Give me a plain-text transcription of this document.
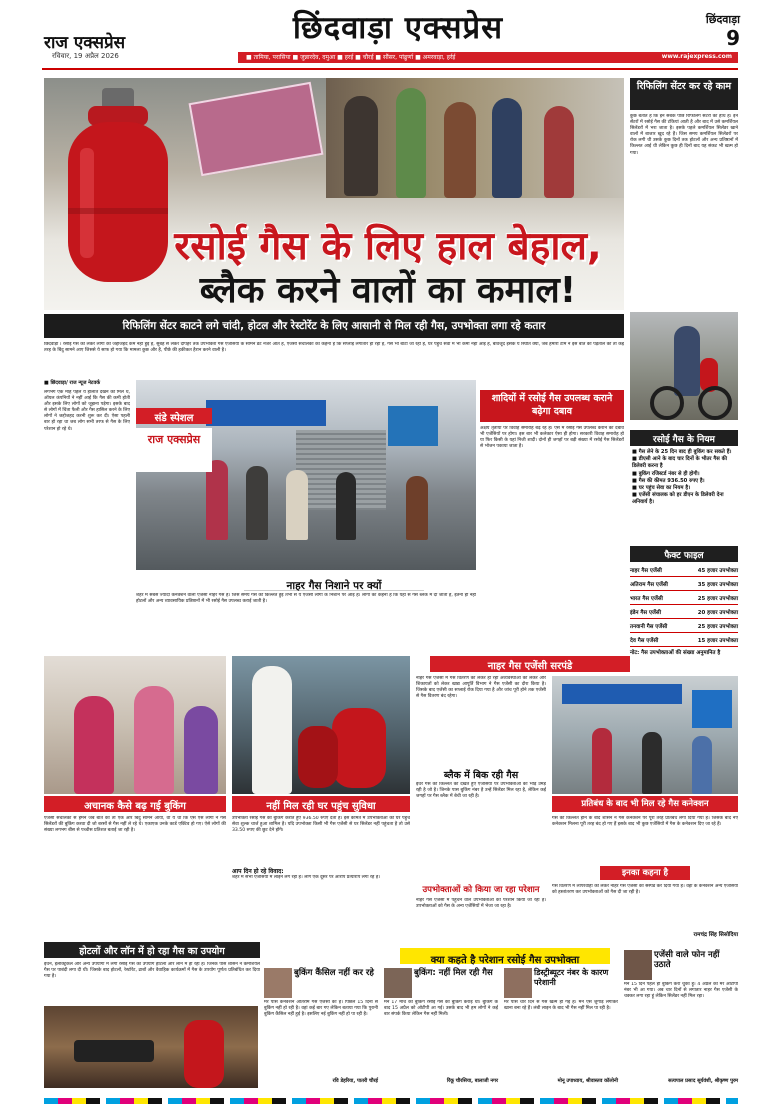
राज एक्सप्रेस
रविवार, 19 अप्रैल 2026
छिंदवाड़ा एक्सप्रेस	छिंदवाड़ा
9
■ तामिया, परासिया ■ जुन्नारदेव, दमुआ ■ हरई ■ चौरई ■ सौंसर, पांढुर्णा ■ अमरवाड़ा, हर्रई	www.rajexpress.com
रसोई गैस के लिए हाल बेहाल,
ब्लैक करने वालों का कमाल!
रिफिलिंग सेंटर काटने लगे चांदी, होटल और रेस्टोरेंट के लिए आसानी से मिल रही गैस, उपभोक्ता लगा रहे कतार
छिंदवाड़ा । रसोई गैस को लेकर लोगों की जद्दोजहद कम नहीं हुई है, सुबह से लेकर दोपहर तक उपभोक्ता गैस एजेंसियों के सामने डटे नजर आते हैं, एजेंसी संचालकों का कहना है कि सप्लाई लगातार हो रही है, गैस भी बांटी जा रही है, घर पहुंच सेवा में भी कमी नहीं आई है, बावजूद इसके ये स्थिति क्यों, जब हमारी टीम ने इस बात की पड़ताल की तो कई तरह के बिंदु सामने आए जिससे ये साफ हो गया कि मामला कुछ और है, पीछे की हकीकत हैरान करने वाली है।
रिफिलिंग सेंटर कर रहे काम
कुछ बताते है कि इन सबके पीछे रिफिलिंग सेंटरों का हाथ है। इन सेंटरों में रसोई गैस की टंकियां आती है और बाद में उसे कमर्शियल सिलेंडरों में भरा जाता है। इसके पहले कमर्शियल सिलेंडर खाने वालों में बाजार खुद रहे हैं। जिस समय कमर्शियल सिलेंडरों पर रोक लगी थी उसके कुछ दिनों तक होटलों और अन्य प्रतिष्ठानों में किल्लत आई थी लेकिन कुछ ही दिनों बाद यह संकट भी खत्म हो गया।
रसोई गैस के नियम
■ गैस लेने के 25 दिन बाद ही बुकिंग कर सकते हैं।
■ डीएसी आने के बाद चार दिनों के भीतर गैस की डिलेवरी करना है
■ बुकिंग रजिस्टर्ड नंबर से ही होगी।
■ गैस की कीमत 936.50 रुपए है।
■ घर पहुंच सेवा का नियम है।
■ एजेंसी संचालक को हर डीएन के डिलेवरी देना अनिवार्य है।
फैक्ट फाइल
नाहर गैस एजेंसी	45 हजार उपभोक्ता
अतिराम गैस एजेंसी	35 हजार उपभोक्ता
भारत गैस एजेंसी	25 हजार उपभोक्ता
इंडेन गैस एजेंसी	20 हजार उपभोक्ता
तनवानी गैस एजेंसी	25 हजार उपभोक्ता
देव गैस एजेंसी	15 हजार उपभोक्ता
नोट: गैस उपभोक्ताओं की संख्या अनुमानित है
■ छिंदवाड़ा/ राज न्यूज नेटवर्क
लगभग एक माह पहले ये हालात देखने को मिले थे, ऑयल कंपनियों ने नहीं आई कि गैस की कमी होती और इसके लिए लोगों को जूझना पड़ेगा। इसके बाद से लोगों में चिंता फैली और गैस हासिल करने के लिए लोगों ने जद्दोजहद करनी शुरू कर दी। ऐसा पहली बार हो रहा था जब लोग सभी तरफ से गैस के लिए परेशान हो रहे थे।
संडे स्पेशल
राज एक्सप्रेस
शादियों में रसोई गैस उपलब्ध कराने बढ़ेगा दबाव
अक्षय तृतीया पर विवाह समारोह बढ़ रहे हैं। ऐसे में रसोई गैस उपलब्ध कराने का दबाव भी एजेंसियों पर होगा। इस बार भी कलेक्टर ऐसा ही होगा। सरकारी विवाह समारोह हो या फिर किसी के यहां निजी शादी। दोनों ही जगहों पर बड़ी संख्या में रसोई गैस सिलेंडरों से भोजन पकाया जाता है।
नाहर गैस निशाने पर क्यों
शहर में सबसे ज्यादा कनेक्शन वाली एजेंसी नाहर गैस है। जिस समय गैस की किल्लत हुई तभी से ये एजेंसी लोगों के निशाने पर आई है। लोगों का कहना है कि यहां से गैस ब्लैक में दी जाती है, इतना ही नहीं होटलों और अन्य व्यावसायिक प्रतिष्ठानों में भी रसोई गैस उपलब्ध कराई जाती है।
नाहर गैस एजेंसी सरपंडे
नाहर गैस एजेंसी में गैस वितरण को लेकर हो रही अव्यवस्थाओं को लेकर और शिकायतों को लेकर खाद्य आपूर्ति विभाग ने गैस एजेंसी का दौरा किया है। जिसके बाद एजेंसी का सप्लाई रोक दिया गया है और जांच पूरी होने तक एजेंसी से गैस वितरण बंद रहेगा।
ब्लैक में बिक रही गैस
इधर गैस की किल्लत को देखते हुए एजेंसियों पर उपभोक्ताओं की भीड़ उमड़ रही है जो है। जिनके पास बुकिंग नंबर है उन्हें सिलेंडर मिल रहा है, लेकिन कई जगहों पर गैस ब्लैक में बेची जा रही है।
उपभोक्ताओं को किया जा रहा परेशान
नाहर गैस एजेंसी में पहुंचने वाले उपभोक्ताओं को परेशान किया जा रहा है। उपभोक्ताओं को गैस के अन्य एजेंसियों में भेजा जा रहा है।
अचानक कैसे बढ़ गई बुकिंग
एजेंसी संचालकों से हमने जब बात की तो एक और बिंदु सामने आया, वो ये था कि ऐसे ऐसे लोगों ने गैस सिलेंडरों की बुकिंग करवा दी जो बरसों से गैस नहीं ले रहे थे। एकाएक उनके कार्ड एक्टिव हो गए। ऐसे लोगों की संख्या लगभग बीस से पच्चीस प्रतिशत बताई जा रही है।
नहीं मिल रही घर पहुंच सुविधा
उपभोक्ता रसोई गैस की बुकिंग कराते हुए 936.50 रुपए देता है। इस कीमत में उपभोक्ताओं को घर पहुंच सेवा शुल्क चार्ज हुआ शामिल है। यदि उपभोक्ता किसी भी गैस एजेंसी से घर सिलेंडर नहीं पहुंचता है तो उसे 33.50 रुपए की छूट देने होंगे।
आप दिन हो रहे विवाद:
शहर में सभी एजेंसियों में लाइनें लग रही हैं। लोग एक दूसरे पर आरोप प्रत्यारोप लगा रहे हैं।
प्रतिबंध के बाद भी मिल रहे गैस कनेक्शन
गैस की किल्लत होने के बाद शासन ने गैस कनेक्शन पर पूरी तरह प्रतिबंध लगा दिया गया है। जिसके बाद नए कनेक्शन मिलना पूरी तरह बंद हो गए हैं इसके बाद भी कुछ एजेंसियों में गैस के कनेक्शन दिए जा रहे हैं।
इनका कहना है
गैस वितरण में लापरवाही को लेकर नाहर गैस एजेंसी को सस्पेंड कर दिया गया है। वहां के कनेक्शन अन्य एजेंसियों को हस्तांतरण कर उपभोक्ताओं को गैस दी जा रही है।
रामचंद्र सिंह सिसोदिया
होटलों और लॉन में हो रहा गैस का उपयोग
ईंधन, इलेक्ट्रिकल और अन्य उपयोगों में लगी रसोई गैस का उपयोग होटलों और लॉन में हो रहा है। जिनके पास शासन ने कमर्शियल गैस पर पाबंदी लगा दी थी। जिसके बाद होटलों, रेस्टोरेंट, ढाबों और वैवाहिक कार्यक्रमों में गैस के उपयोग पूर्णतः प्रतिबंधित कर दिया गया है।
क्या कहते है परेशान रसोई गैस उपभोक्ता
बुकिंग कैंसिल नहीं कर रहे
मेरे पास कनेक्शन अतिराम गैस एजेंसी का है। पिछले 15 दिनों से बुकिंग नहीं हो रही है। वहां कई बार गए लेकिन बताया गया कि पुरानी बुकिंग कैंसिल नहीं हुई है। इसलिए नई बुकिंग नहीं हो पा रही है।
रवि डेहरिया, पातरी चौरई
बुकिंग: नहीं मिल रही गैस
मैंने 17 मार्च को बुकिंग रसोई गैस की बुकिंग कराई थी। बुकिंग के बाद 15 अप्रैल को ओटीपी आ गई। उसके बाद भी हम लोगों ने कई बार संपर्क किया लेकिन गैस नहीं मिली।
रिंकू चौरसिया, बालाजी नगर
डिस्ट्रीब्यूटर नंबर के कारण परेशानी
मेरे पास चार दिन से गैस खत्म हो गई है। मैंने ऐसे जुगाड़ लगाकर खाना बना रहे हैं। लंबी लाइन के बाद भी गैस नहीं मिल पा रही है।
मोनू उपाध्याय, श्रीवास्तव कॉलोनी
एजेंसी वाले फोन नहीं उठाते
मैंने 15 दिन पहले ही बुकिंग करा चुका हूं। 4 अप्रैल को मेरे ओटीपी नंबर भी आ गया। अब चार दिनों से लगातार नाहर गैस एजेंसी के चक्कर लगा रहा हूं लेकिन सिलेंडर नहीं मिल रहा।
सत्यपाल प्रसाद सूर्यवंशी, श्रीकृष्ण पुरम
